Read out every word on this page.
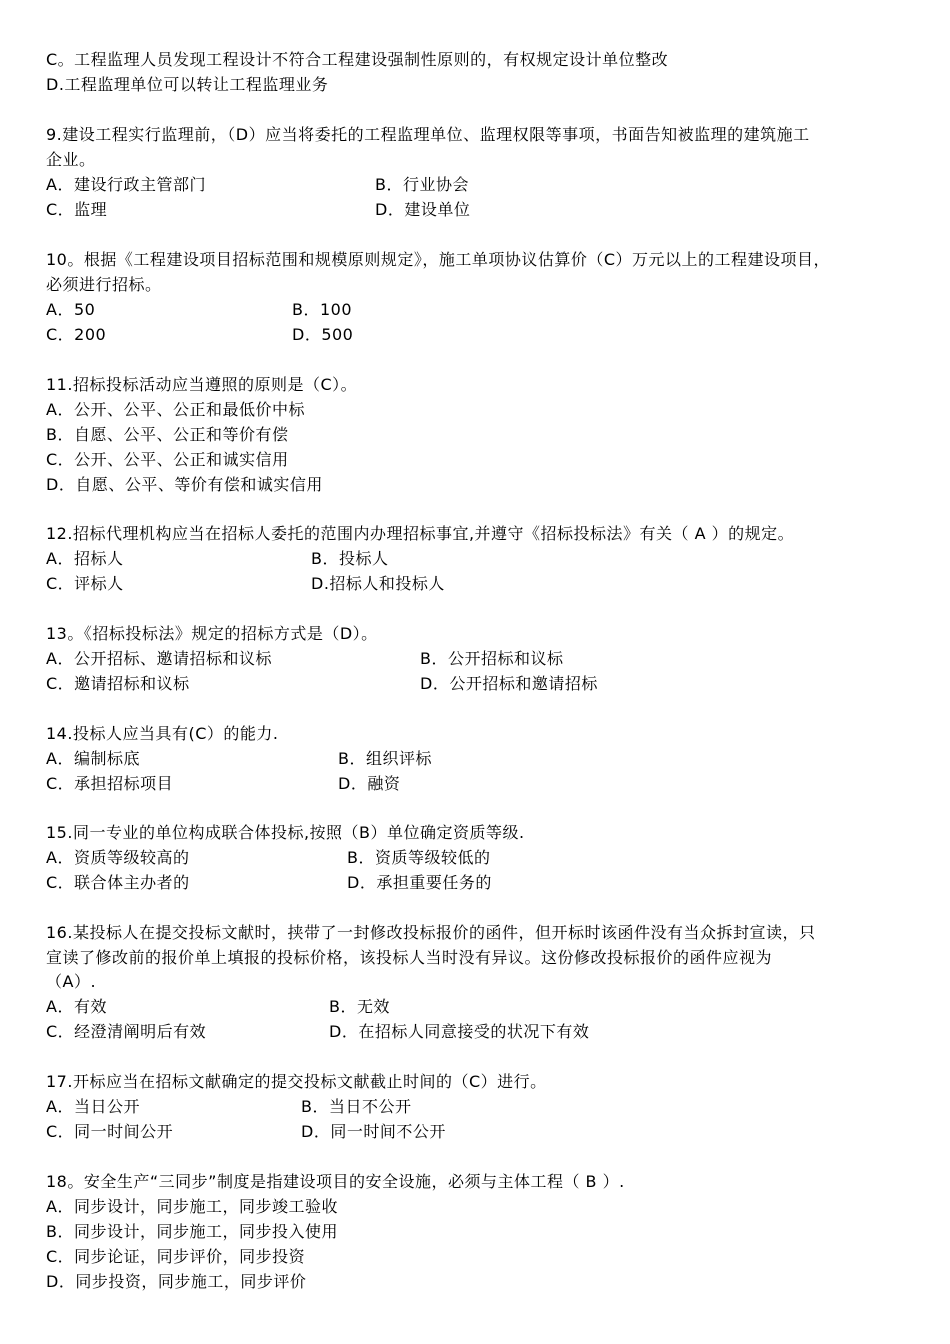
C。工程监理人员发现工程设计不符合工程建设强制性原则的，有权规定设计单位整改
D.工程监理单位可以转让工程监理业务
9.建设工程实行监理前，（D）应当将委托的工程监理单位、监理权限等事项，书面告知被监理的建筑施工
企业。
A．建设行政主管部门	B．行业协会
C．监理	D．建设单位
10。根据《工程建设项目招标范围和规模原则规定》，施工单项协议估算价（C）万元以上的工程建设项目，
必须进行招标。
A．50	B．100
C．200	D．500
11.招标投标活动应当遵照的原则是（C）。
A．公开、公平、公正和最低价中标
B．自愿、公平、公正和等价有偿
C．公开、公平、公正和诚实信用
D．自愿、公平、等价有偿和诚实信用
12.招标代理机构应当在招标人委托的范围内办理招标事宜,并遵守《招标投标法》有关（ A ）的规定。
A．招标人	B．投标人
C．评标人	D.招标人和投标人
13。《招标投标法》规定的招标方式是（D）。
A．公开招标、邀请招标和议标	B．公开招标和议标
C．邀请招标和议标	D．公开招标和邀请招标
14.投标人应当具有(C）的能力.
A．编制标底	B．组织评标
C．承担招标项目	D．融资
15.同一专业的单位构成联合体投标,按照（B）单位确定资质等级.
A．资质等级较高的	B．资质等级较低的
C．联合体主办者的	D．承担重要任务的
16.某投标人在提交投标文献时，挟带了一封修改投标报价的函件，但开标时该函件没有当众拆封宣读，只
宣读了修改前的报价单上填报的投标价格，该投标人当时没有异议。这份修改投标报价的函件应视为
（A）.
A．有效	B．无效
C．经澄清阐明后有效	D．在招标人同意接受的状况下有效
17.开标应当在招标文献确定的提交投标文献截止时间的（C）进行。
A．当日公开	B．当日不公开
C．同一时间公开	D．同一时间不公开
18。安全生产“三同步”制度是指建设项目的安全设施，必须与主体工程（ B ）.
A．同步设计，同步施工，同步竣工验收
B．同步设计，同步施工，同步投入使用
C．同步论证，同步评价，同步投资
D．同步投资，同步施工，同步评价
